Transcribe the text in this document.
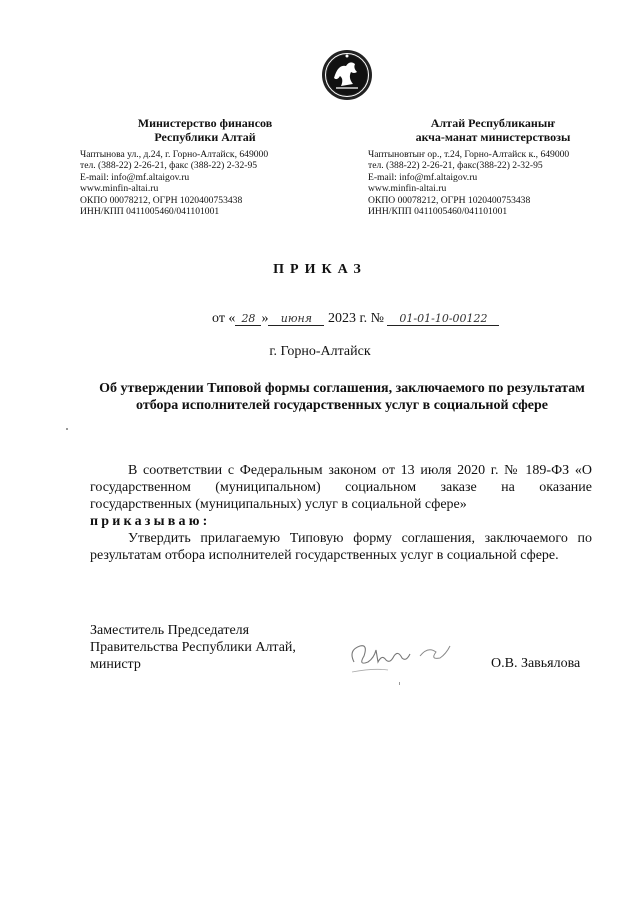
Министерство финансов
Республики Алтай
Чаптынова ул., д.24, г. Горно-Алтайск, 649000
тел. (388-22) 2-26-21, факс (388-22) 2-32-95
E-mail: info@mf.altaigov.ru
www.minfin-altai.ru
ОКПО 00078212, ОГРН 1020400753438
ИНН/КПП 0411005460/041101001
Алтай Республиканыҥ
акча-манат министерствозы
Чаптыновтыҥ ор., т.24, Горно-Алтайск к., 649000
тел. (388-22) 2-26-21, факс(388-22) 2-32-95
E-mail: info@mf.altaigov.ru
www.minfin-altai.ru
ОКПО 00078212, ОГРН 1020400753438
ИНН/КПП 0411005460/041101001
ПРИКАЗ
от « 28 » июня 2023 г. № 01-01-10-00122
г. Горно-Алтайск
Об утверждении Типовой формы соглашения, заключаемого по результатам отбора исполнителей государственных услуг в социальной сфере

В соответствии с Федеральным законом от 13 июля 2020 г. № 189-ФЗ «О государственном (муниципальном) социальном заказе на оказание государственных (муниципальных) услуг в социальной сфере»

приказываю:

Утвердить прилагаемую Типовую форму соглашения, заключаемого по результатам отбора исполнителей государственных услуг в социальной сфере.

Заместитель Председателя
Правительства Республики Алтай,
министр	О.В. Завьялова
